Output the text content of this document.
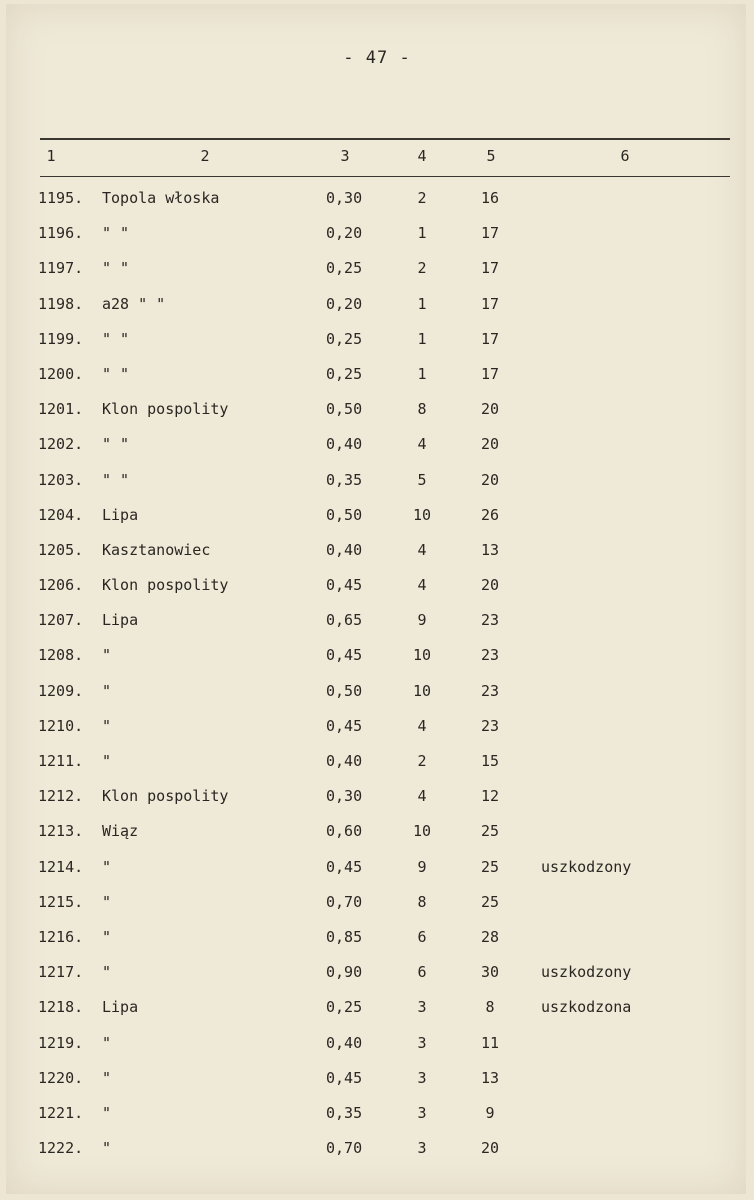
- 47 -
1	2	3	4	5	6
1195.	Topola włoska	0,30	2	16
1196.	" "	0,20	1	17
1197.	" "	0,25	2	17
1198.	a28 " "	0,20	1	17
1199.	" "	0,25	1	17
1200.	" "	0,25	1	17
1201.	Klon pospolity	0,50	8	20
1202.	" "	0,40	4	20
1203.	" "	0,35	5	20
1204.	Lipa	0,50	10	26
1205.	Kasztanowiec	0,40	4	13
1206.	Klon pospolity	0,45	4	20
1207.	Lipa	0,65	9	23
1208.	"	0,45	10	23
1209.	"	0,50	10	23
1210.	"	0,45	4	23
1211.	"	0,40	2	15
1212.	Klon pospolity	0,30	4	12
1213.	Wiąz	0,60	10	25
1214.	"	0,45	9	25	uszkodzony
1215.	"	0,70	8	25
1216.	"	0,85	6	28
1217.	"	0,90	6	30	uszkodzony
1218.	Lipa	0,25	3	8	uszkodzona
1219.	"	0,40	3	11
1220.	"	0,45	3	13
1221.	"	0,35	3	9
1222.	"	0,70	3	20
